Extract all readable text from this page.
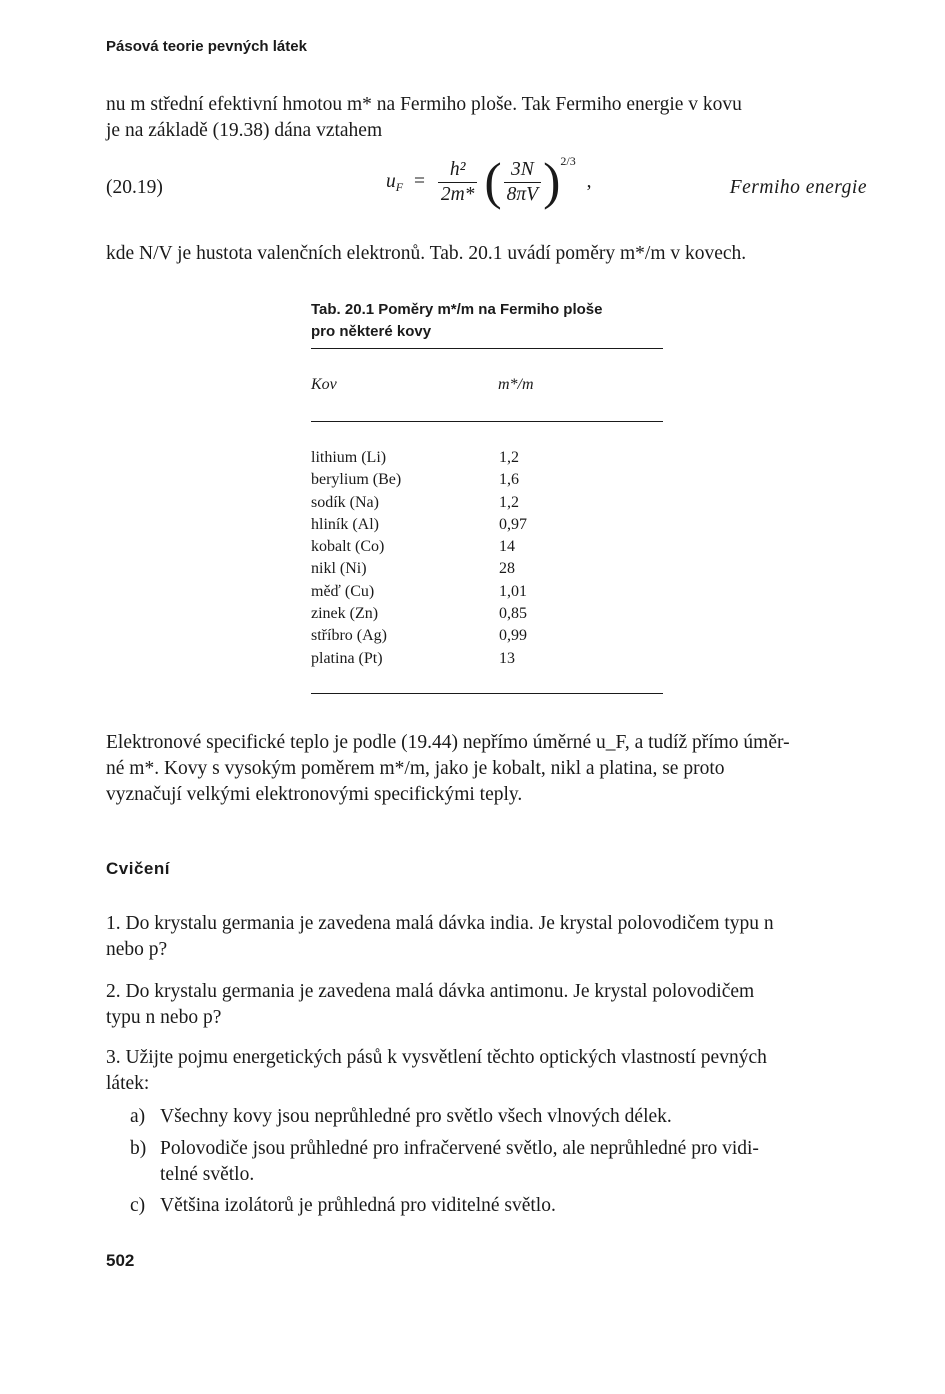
Pásová teorie pevných látek
nu m střední efektivní hmotou m* na Fermiho ploše. Tak Fermiho energie v kovu
je na základě (19.38) dána vztahem
(20.19)	$u_F = \frac{\text{h²}}{2m*}$ ( $\frac{3N}{8\pi V} )^{2/3}$ ,	Fermiho energie
kde N/V je hustota valenčních elektronů. Tab. 20.1 uvádí poměry m*/m v kovech.
Tab. 20.1 Poměry m*/m na Fermiho ploše
pro některé kovy
Kov	m*/m
lithium (Li)	1,2
berylium (Be)	1,6
sodík (Na)	1,2
hliník (Al)	0,97
kobalt (Co)	14
nikl (Ni)	28
měď (Cu)	1,01
zinek (Zn)	0,85
stříbro (Ag)	0,99
platina (Pt)	13
Elektronové specifické teplo je podle (19.44) nepřímo úměrné u_F, a tudíž přímo úměr-
né m*. Kovy s vysokým poměrem m*/m, jako je kobalt, nikl a platina, se proto
vyznačují velkými elektronovými specifickými teply.
Cvičení
1. Do krystalu germania je zavedena malá dávka india. Je krystal polovodičem typu n
nebo p?
2. Do krystalu germania je zavedena malá dávka antimonu. Je krystal polovodičem
typu n nebo p?
3. Užijte pojmu energetických pásů k vysvětlení těchto optických vlastností pevných
látek:
a) Všechny kovy jsou neprůhledné pro světlo všech vlnových délek.
b) Polovodiče jsou průhledné pro infračervené světlo, ale neprůhledné pro vidi-
telné světlo.
c) Většina izolátorů je průhledná pro viditelné světlo.
502
